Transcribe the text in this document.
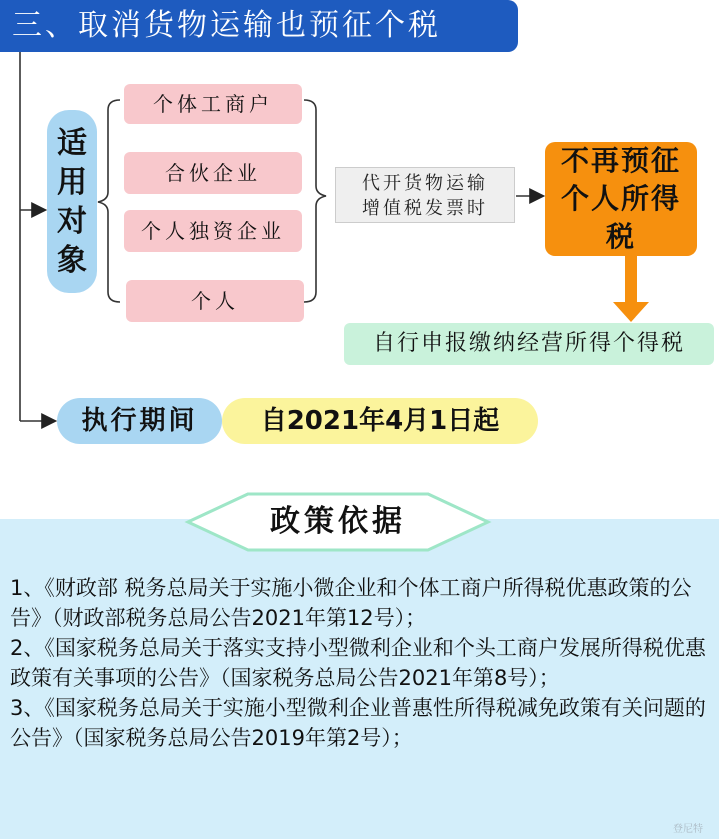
三、取消货物运输也预征个税
适
用
对
象
个体工商户
合伙企业
个人独资企业
个人
代开货物运输
增值税发票时
不再预征
个人所得
税
自行申报缴纳经营所得个得税
执行期间	自2021年4月1日起
政策依据

1、《财政部 税务总局关于实施小微企业和个体工商户所得税优惠政策的公告》（财政部税务总局公告2021年第12号）；

2、《国家税务总局关于落实支持小型微利企业和个头工商户发展所得税优惠政策有关事项的公告》（国家税务总局公告2021年第8号）；

3、《国家税务总局关于实施小型微利企业普惠性所得税减免政策有关问题的公告》（国家税务总局公告2019年第2号）；

登尼特
